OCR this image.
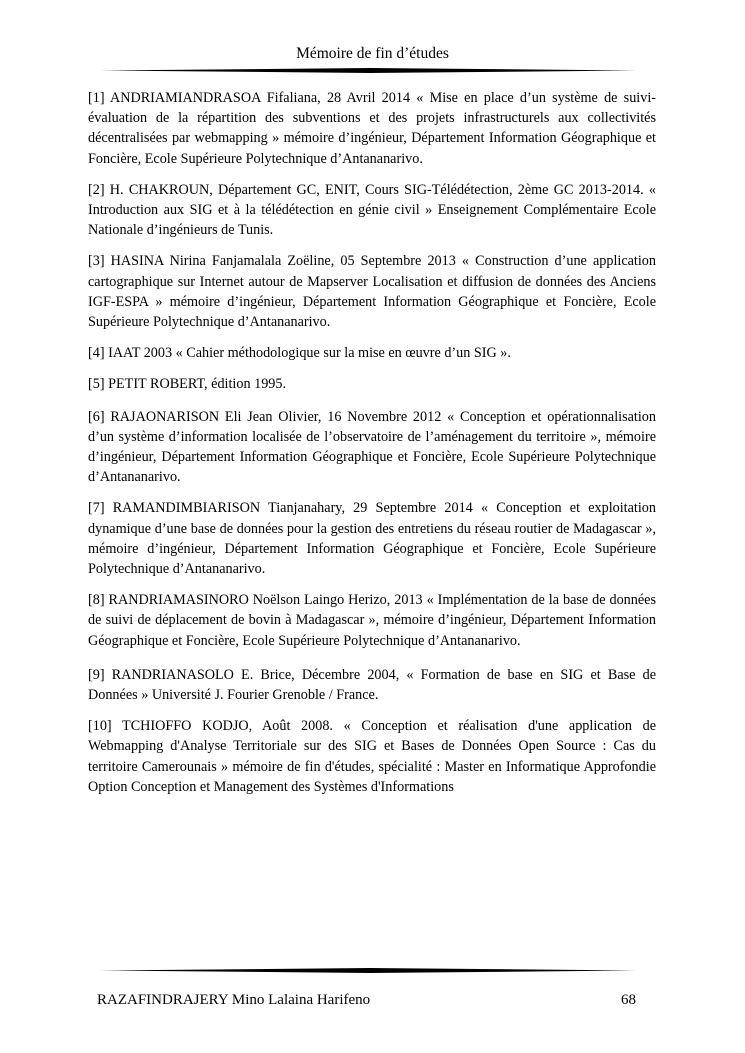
Mémoire de fin d’études

[1] ANDRIAMIANDRASOA Fifaliana, 28 Avril 2014 « Mise en place d’un système de suivi-évaluation de la répartition des subventions et des projets infrastructurels aux collectivités décentralisées par webmapping » mémoire d’ingénieur, Département Information Géographique et Foncière, Ecole Supérieure Polytechnique d’Antananarivo.

[2] H. CHAKROUN, Département GC, ENIT, Cours SIG-Télédétection, 2ème GC 2013-2014. « Introduction aux SIG et à la télédétection en génie civil » Enseignement Complémentaire Ecole Nationale d’ingénieurs de Tunis.

[3] HASINA Nirina Fanjamalala Zoëline, 05 Septembre 2013 « Construction d’une application cartographique sur Internet autour de Mapserver Localisation et diffusion de données des Anciens IGF-ESPA » mémoire d’ingénieur, Département Information Géographique et Foncière, Ecole Supérieure Polytechnique d’Antananarivo.

[4] IAAT 2003 « Cahier méthodologique sur la mise en œuvre d’un SIG ».

[5] PETIT ROBERT, édition 1995.

[6] RAJAONARISON Eli Jean Olivier, 16 Novembre 2012 « Conception et opérationnalisation d’un système d’information localisée de l’observatoire de l’aménagement du territoire », mémoire d’ingénieur, Département Information Géographique et Foncière, Ecole Supérieure Polytechnique d’Antananarivo.

[7] RAMANDIMBIARISON Tianjanahary, 29 Septembre 2014 « Conception et exploitation dynamique d’une base de données pour la gestion des entretiens du réseau routier de Madagascar », mémoire d’ingénieur, Département Information Géographique et Foncière, Ecole Supérieure Polytechnique d’Antananarivo.

[8] RANDRIAMASINORO Noëlson Laingo Herizo, 2013 « Implémentation de la base de données de suivi de déplacement de bovin à Madagascar », mémoire d’ingénieur, Département Information Géographique et Foncière, Ecole Supérieure Polytechnique d’Antananarivo.

[9] RANDRIANASOLO E. Brice, Décembre 2004, « Formation de base en SIG et Base de Données » Université J. Fourier Grenoble / France.

[10] TCHIOFFO KODJO, Août 2008. « Conception et réalisation d'une application de Webmapping d'Analyse Territoriale sur des SIG et Bases de Données Open Source : Cas du territoire Camerounais » mémoire de fin d'études, spécialité : Master en Informatique Approfondie Option Conception et Management des Systèmes d'Informations

RAZAFINDRAJERY Mino Lalaina Harifeno	68
